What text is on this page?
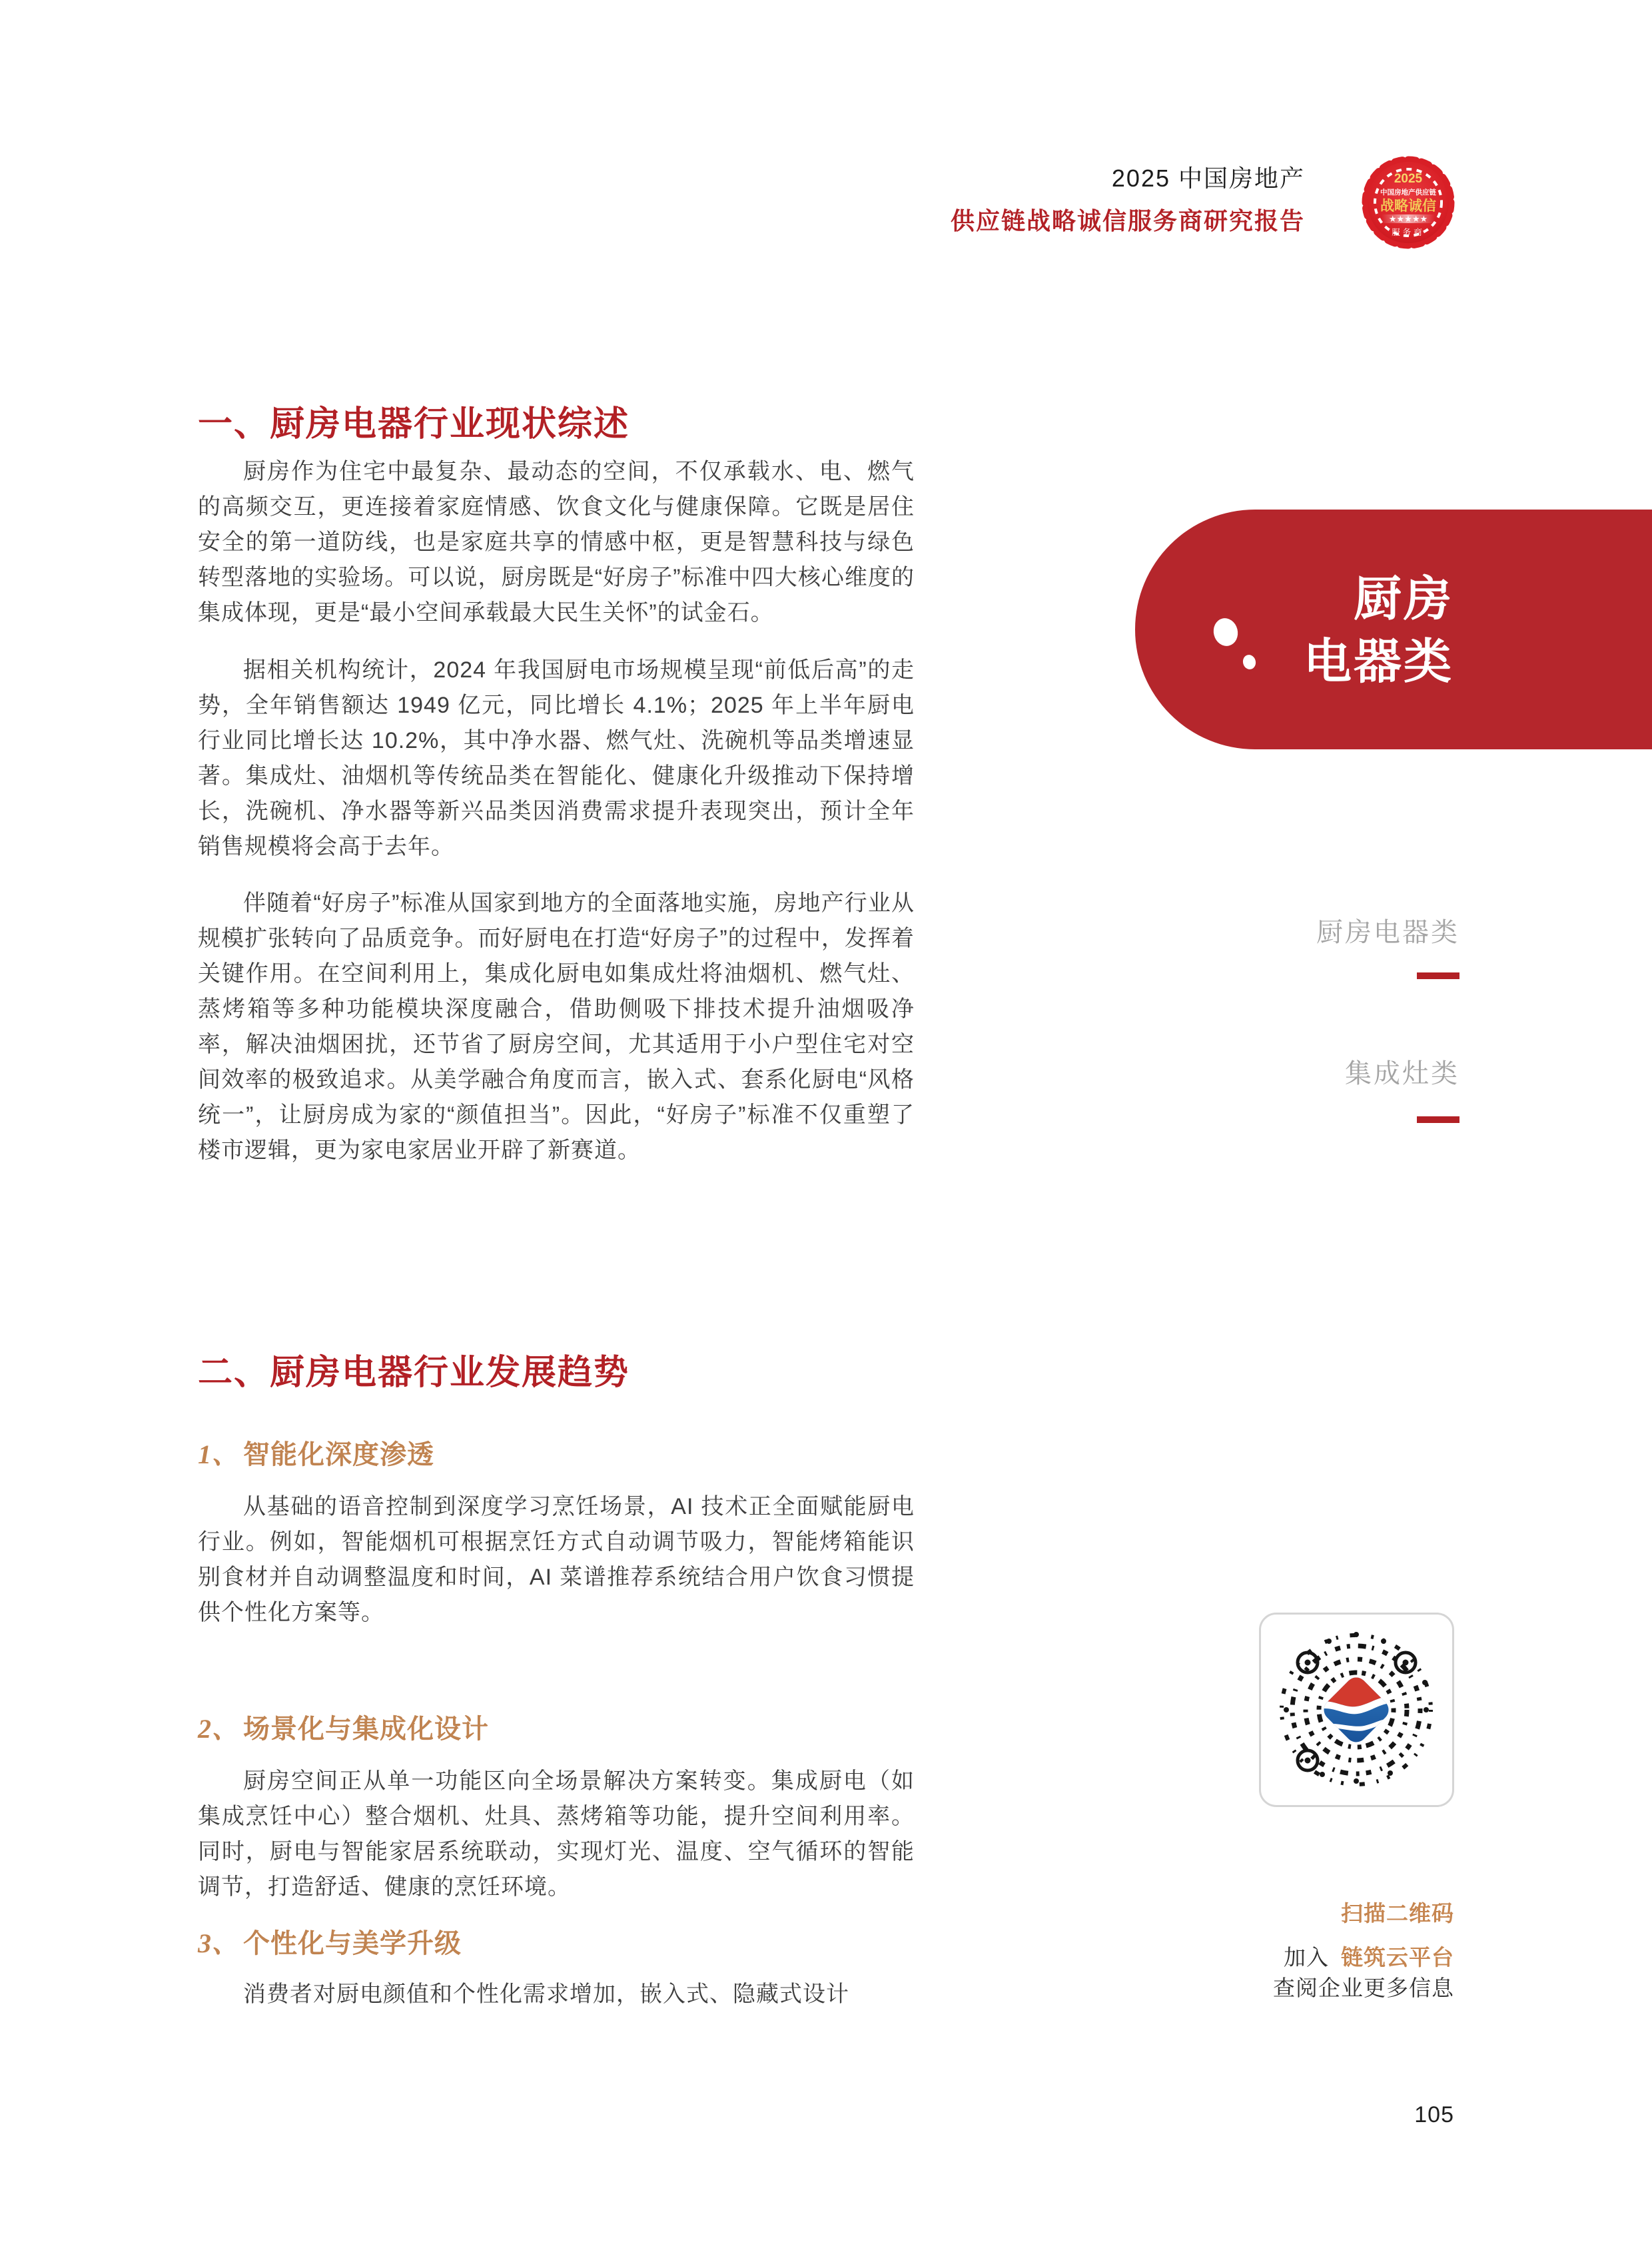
2025 中国房地产
供应链战略诚信服务商研究报告
2025
中国房地产供应链
战略诚信
★★★★★
服务商
一、厨房电器行业现状综述
厨房作为住宅中最复杂、最动态的空间，不仅承载水、电、燃气的高频交互，更连接着家庭情感、饮食文化与健康保障。它既是居住安全的第一道防线，也是家庭共享的情感中枢，更是智慧科技与绿色转型落地的实验场。可以说，厨房既是“好房子”标准中四大核心维度的集成体现，更是“最小空间承载最大民生关怀”的试金石。
据相关机构统计，2024 年我国厨电市场规模呈现“前低后高”的走势，全年销售额达 1949 亿元，同比增长 4.1%；2025 年上半年厨电行业同比增长达 10.2%，其中净水器、燃气灶、洗碗机等品类增速显著。集成灶、油烟机等传统品类在智能化、健康化升级推动下保持增长，洗碗机、净水器等新兴品类因消费需求提升表现突出，预计全年销售规模将会高于去年。
伴随着“好房子”标准从国家到地方的全面落地实施，房地产行业从规模扩张转向了品质竞争。而好厨电在打造“好房子”的过程中，发挥着关键作用。在空间利用上，集成化厨电如集成灶将油烟机、燃气灶、蒸烤箱等多种功能模块深度融合，借助侧吸下排技术提升油烟吸净率，解决油烟困扰，还节省了厨房空间，尤其适用于小户型住宅对空间效率的极致追求。从美学融合角度而言，嵌入式、套系化厨电“风格统一”，让厨房成为家的“颜值担当”。因此，“好房子”标准不仅重塑了楼市逻辑，更为家电家居业开辟了新赛道。
二、厨房电器行业发展趋势
1、 智能化深度渗透
从基础的语音控制到深度学习烹饪场景，AI 技术正全面赋能厨电行业。例如，智能烟机可根据烹饪方式自动调节吸力，智能烤箱能识别食材并自动调整温度和时间，AI 菜谱推荐系统结合用户饮食习惯提供个性化方案等。
2、 场景化与集成化设计
厨房空间正从单一功能区向全场景解决方案转变。集成厨电（如集成烹饪中心）整合烟机、灶具、蒸烤箱等功能，提升空间利用率。同时，厨电与智能家居系统联动，实现灯光、温度、空气循环的智能调节，打造舒适、健康的烹饪环境。
3、 个性化与美学升级
消费者对厨电颜值和个性化需求增加，嵌入式、隐藏式设计
厨房
电器类
厨房电器类
集成灶类
扫描二维码
加入 链筑云平台
查阅企业更多信息
105
